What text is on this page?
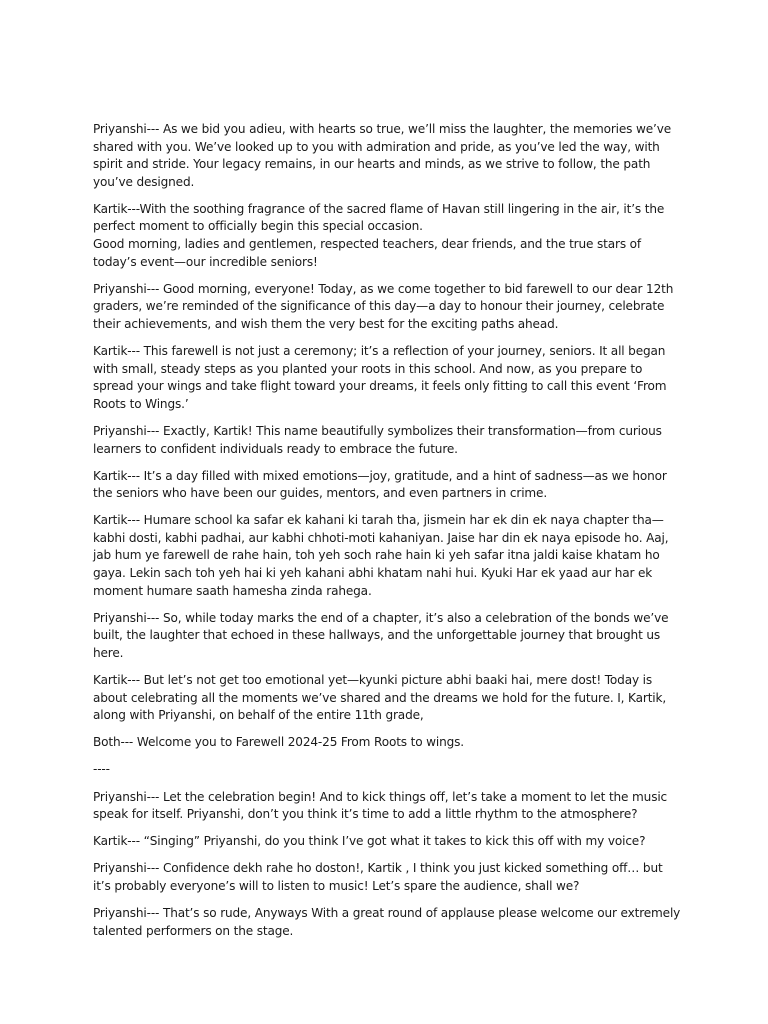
Priyanshi--- As we bid you adieu, with hearts so true, we’ll miss the laughter, the memories we’ve shared with you. We’ve looked up to you with admiration and pride, as you’ve led the way, with spirit and stride. Your legacy remains, in our hearts and minds, as we strive to follow, the path you’ve designed.

Kartik---With the soothing fragrance of the sacred flame of Havan still lingering in the air, it’s the perfect moment to officially begin this special occasion.
Good morning, ladies and gentlemen, respected teachers, dear friends, and the true stars of today’s event—our incredible seniors!

Priyanshi--- Good morning, everyone! Today, as we come together to bid farewell to our dear 12th graders, we’re reminded of the significance of this day—a day to honour their journey, celebrate their achievements, and wish them the very best for the exciting paths ahead.

Kartik--- This farewell is not just a ceremony; it’s a reflection of your journey, seniors. It all began with small, steady steps as you planted your roots in this school. And now, as you prepare to spread your wings and take flight toward your dreams, it feels only fitting to call this event ‘From Roots to Wings.’

Priyanshi--- Exactly, Kartik! This name beautifully symbolizes their transformation—from curious learners to confident individuals ready to embrace the future.

Kartik--- It’s a day filled with mixed emotions—joy, gratitude, and a hint of sadness—as we honor the seniors who have been our guides, mentors, and even partners in crime.

Kartik--- Humare school ka safar ek kahani ki tarah tha, jismein har ek din ek naya chapter tha—kabhi dosti, kabhi padhai, aur kabhi chhoti-moti kahaniyan. Jaise har din ek naya episode ho. Aaj, jab hum ye farewell de rahe hain, toh yeh soch rahe hain ki yeh safar itna jaldi kaise khatam ho gaya. Lekin sach toh yeh hai ki yeh kahani abhi khatam nahi hui. Kyuki Har ek yaad aur har ek moment humare saath hamesha zinda rahega.

Priyanshi--- So, while today marks the end of a chapter, it’s also a celebration of the bonds we’ve built, the laughter that echoed in these hallways, and the unforgettable journey that brought us here.

Kartik--- But let’s not get too emotional yet—kyunki picture abhi baaki hai, mere dost! Today is about celebrating all the moments we’ve shared and the dreams we hold for the future. I, Kartik, along with Priyanshi, on behalf of the entire 11th grade,

Both--- Welcome you to Farewell 2024-25 From Roots to wings.

----

Priyanshi--- Let the celebration begin! And to kick things off, let’s take a moment to let the music speak for itself. Priyanshi, don’t you think it’s time to add a little rhythm to the atmosphere?

Kartik--- “Singing” Priyanshi, do you think I’ve got what it takes to kick this off with my voice?

Priyanshi--- Confidence dekh rahe ho doston!, Kartik , I think you just kicked something off… but it’s probably everyone’s will to listen to music! Let’s spare the audience, shall we?

Priyanshi--- That’s so rude, Anyways With a great round of applause please welcome our extremely talented performers on the stage.
